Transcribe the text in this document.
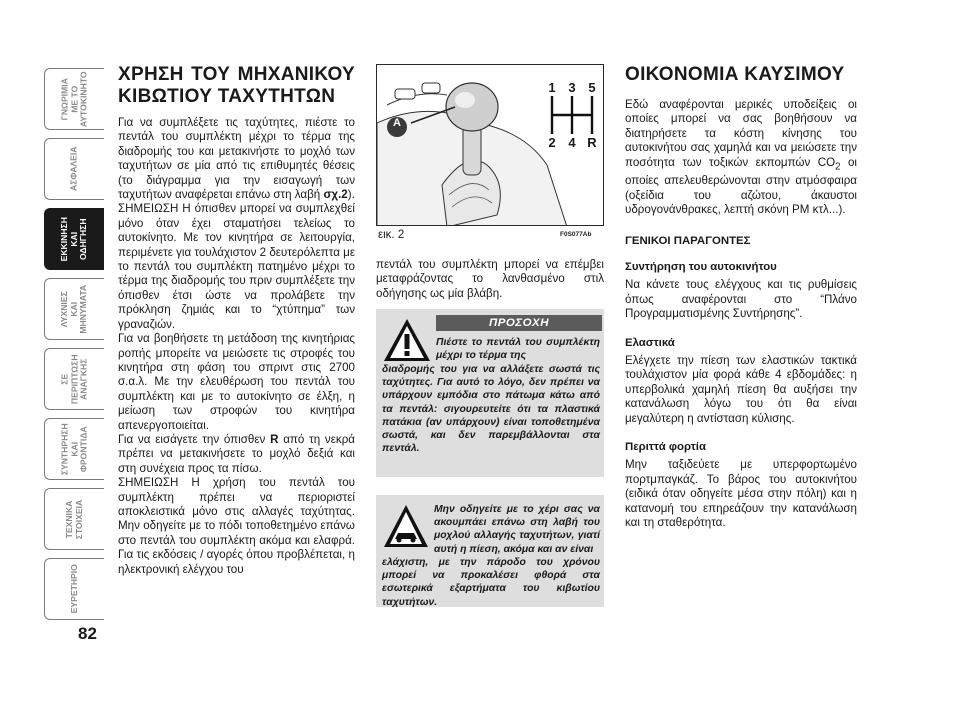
ΓΝΩΡΙΜΙΑ
ΜΕ ΤΟ
ΑΥΤΟΚΙΝΗΤΟ
ΑΣΦΑΛΕΙΑ
ΕΚΚΙΝΗΣΗ
ΚΑΙ
ΟΔΗΓΗΣΗ
ΛΥΧΝΙΕΣ
ΚΑΙ
ΜΗΝΥΜΑΤΑ
ΣΕ
ΠΕΡΙΠΤΩΣΗ
ΑΝΑΓΚΗΣ
ΣΥΝΤΗΡΗΣΗ
ΚΑΙ
ΦΡΟΝΤΙΔΑ
ΤΕΧΝΙΚΑ
ΣΤΟΙΧΕΙΑ
ΕΥΡΕΤΗΡΙΟ
82
ΧΡΗΣΗ ΤΟΥ ΜΗΧΑΝΙΚΟΥ ΚΙΒΩΤΙΟΥ ΤΑΧΥΤΗΤΩΝ

Για να συμπλέξετε τις ταχύτητες, πιέστε το πεντάλ του συμπλέκτη μέχρι το τέρμα της διαδρομής του και μετακινήστε το μοχλό των ταχυτήτων σε μία από τις επιθυμητές θέσεις (το διάγραμμα για την εισαγωγή των ταχυτήτων αναφέρεται επάνω στη λαβή σχ.2).

ΣΗΜΕΙΩΣΗ Η όπισθεν μπορεί να συμπλεχθεί μόνο όταν έχει σταματήσει τελείως το αυτοκίνητο. Με τον κινητήρα σε λειτουργία, περιμένετε για τουλάχιστον 2 δευτερόλεπτα με το πεντάλ του συμπλέκτη πατημένο μέχρι το τέρμα της διαδρομής του πριν συμπλέξετε την όπισθεν έτσι ώστε να προλάβετε την πρόκληση ζημιάς και το “χτύπημα” των γραναζιών.

Για να βοηθήσετε τη μετάδοση της κινητήριας ροπής μπορείτε να μειώσετε τις στροφές του κινητήρα στη φάση του σπριντ στις 2700 σ.α.λ. Με την ελευθέρωση του πεντάλ του συμπλέκτη και με το αυτοκίνητο σε έλξη, η μείωση των στροφών του κινητήρα απενεργοποιείται.

Για να εισάγετε την όπισθεν R από τη νεκρά πρέπει να μετακινήσετε το μοχλό δεξιά και στη συνέχεια προς τα πίσω.

ΣΗΜΕΙΩΣΗ Η χρήση του πεντάλ του συμπλέκτη πρέπει να περιοριστεί αποκλειστικά μόνο στις αλλαγές ταχύτητας. Μην οδηγείτε με το πόδι τοποθετημένο επάνω στο πεντάλ του συμπλέκτη ακόμα και ελαφρά. Για τις εκδόσεις / αγορές όπου προβλέπεται, η ηλεκτρονική ελέγχου του

A
1 3 5
2 4 R
εικ. 2	F0S077Ab

πεντάλ του συμπλέκτη μπορεί να επέμβει μεταφράζοντας το λανθασμένο στιλ οδήγησης ως μία βλάβη.

ΠΡΟΣΟΧΗ
Πιέστε το πεντάλ του συμπλέκτη μέχρι το τέρμα της
διαδρομής του για να αλλάξετε σωστά τις ταχύτητες. Για αυτό το λόγο, δεν πρέπει να υπάρχουν εμπόδια στο πάτωμα κάτω από τα πεντάλ: σιγουρευτείτε ότι τα πλαστικά πατάκια (αν υπάρχουν) είναι τοποθετημένα σωστά, και δεν παρεμβάλλονται στα πεντάλ.
Μην οδηγείτε με το χέρι σας να ακουμπάει επάνω στη λαβή του μοχλού αλλαγής ταχυτήτων, γιατί αυτή η πίεση, ακόμα και αν είναι
ελάχιστη, με την πάροδο του χρόνου μπορεί να προκαλέσει φθορά στα εσωτερικά εξαρτήματα του κιβωτίου ταχυτήτων.
ΟΙΚΟΝΟΜΙΑ ΚΑΥΣΙΜΟΥ

Εδώ αναφέρονται μερικές υποδείξεις οι οποίες μπορεί να σας βοηθήσουν να διατηρήσετε τα κόστη κίνησης του αυτοκινήτου σας χαμηλά και να μειώσετε την ποσότητα των τοξικών εκπομπών $CO_2$ οι οποίες απελευθερώνονται στην ατμόσφαιρα (οξείδια του αζώτου, άκαυστοι υδρογονάνθρακες, λεπτή σκόνη PM κτλ...).

ΓΕΝΙΚΟΙ ΠΑΡΑΓΟΝΤΕΣ
Συντήρηση του αυτοκινήτου

Να κάνετε τους ελέγχους και τις ρυθμίσεις όπως αναφέρονται στο “Πλάνο Προγραμματισμένης Συντήρησης”.

Ελαστικά

Ελέγχετε την πίεση των ελαστικών τακτικά τουλάχιστον μία φορά κάθε 4 εβδομάδες: η υπερβολικά χαμηλή πίεση θα αυξήσει την κατανάλωση λόγω του ότι θα είναι μεγαλύτερη η αντίσταση κύλισης.

Περιττά φορτία

Μην ταξιδεύετε με υπερφορτωμένο πορτμπαγκάζ. Το βάρος του αυτοκινήτου (ειδικά όταν οδηγείτε μέσα στην πόλη) και η κατανομή του επηρεάζουν την κατανάλωση και τη σταθερότητα.
